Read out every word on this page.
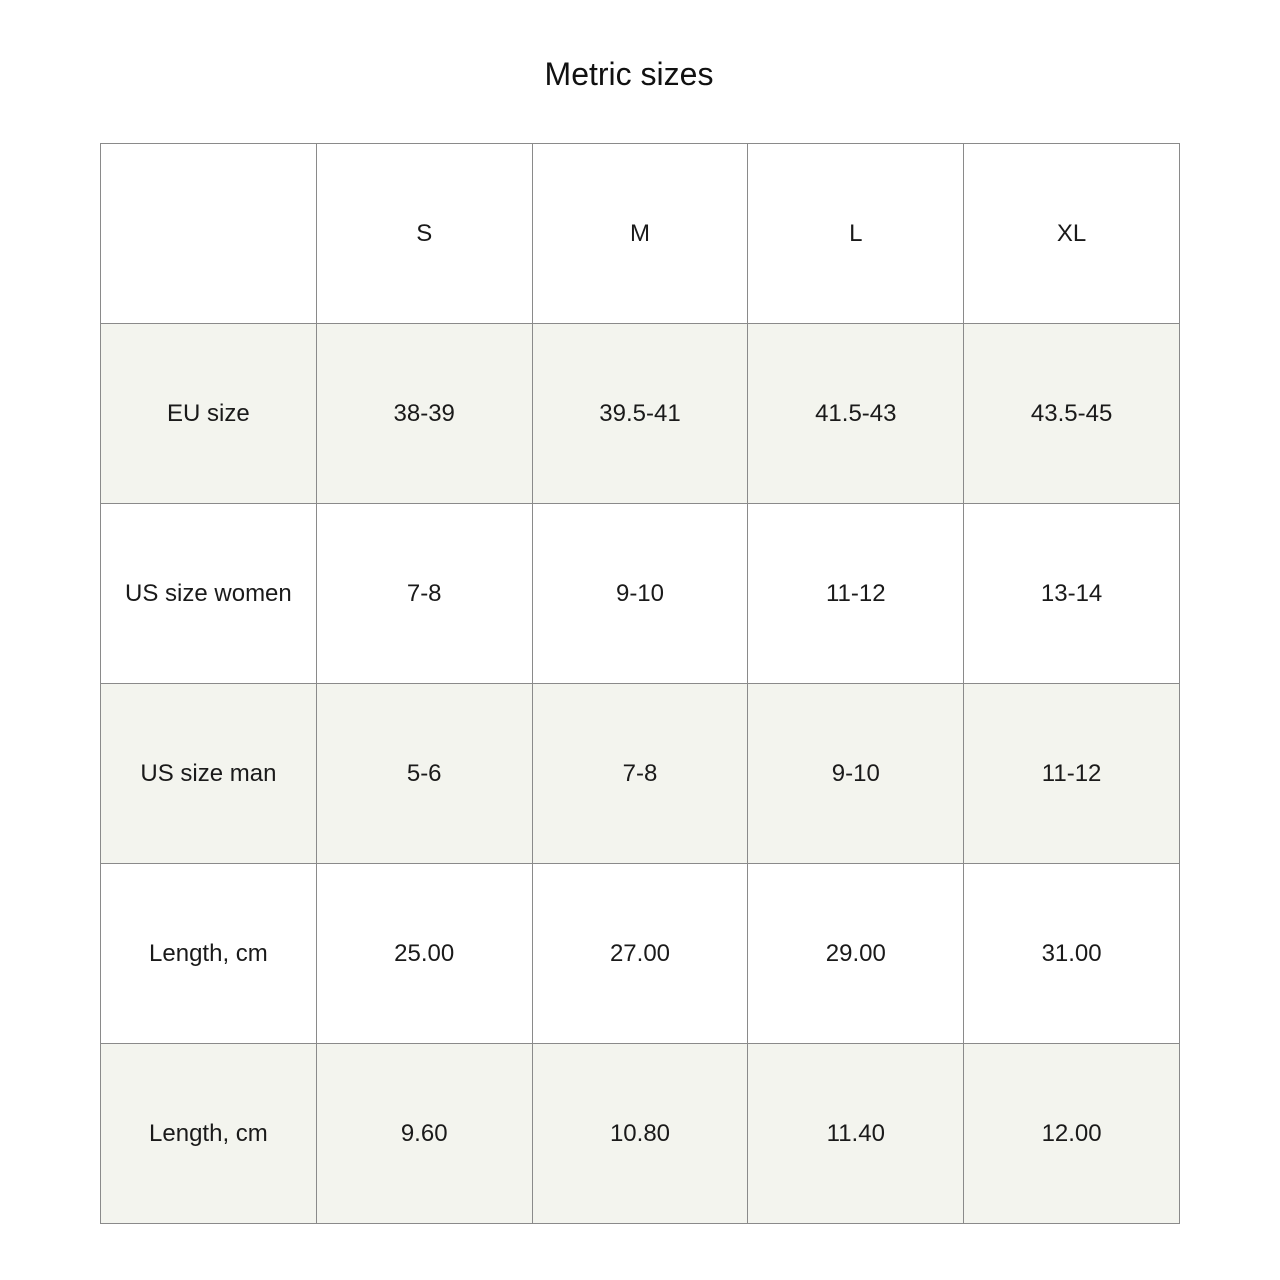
Metric sizes
	S	M	L	XL
EU size	38-39	39.5-41	41.5-43	43.5-45
US size women	7-8	9-10	11-12	13-14
US size man	5-6	7-8	9-10	11-12
Length, cm	25.00	27.00	29.00	31.00
Length, cm	9.60	10.80	11.40	12.00
